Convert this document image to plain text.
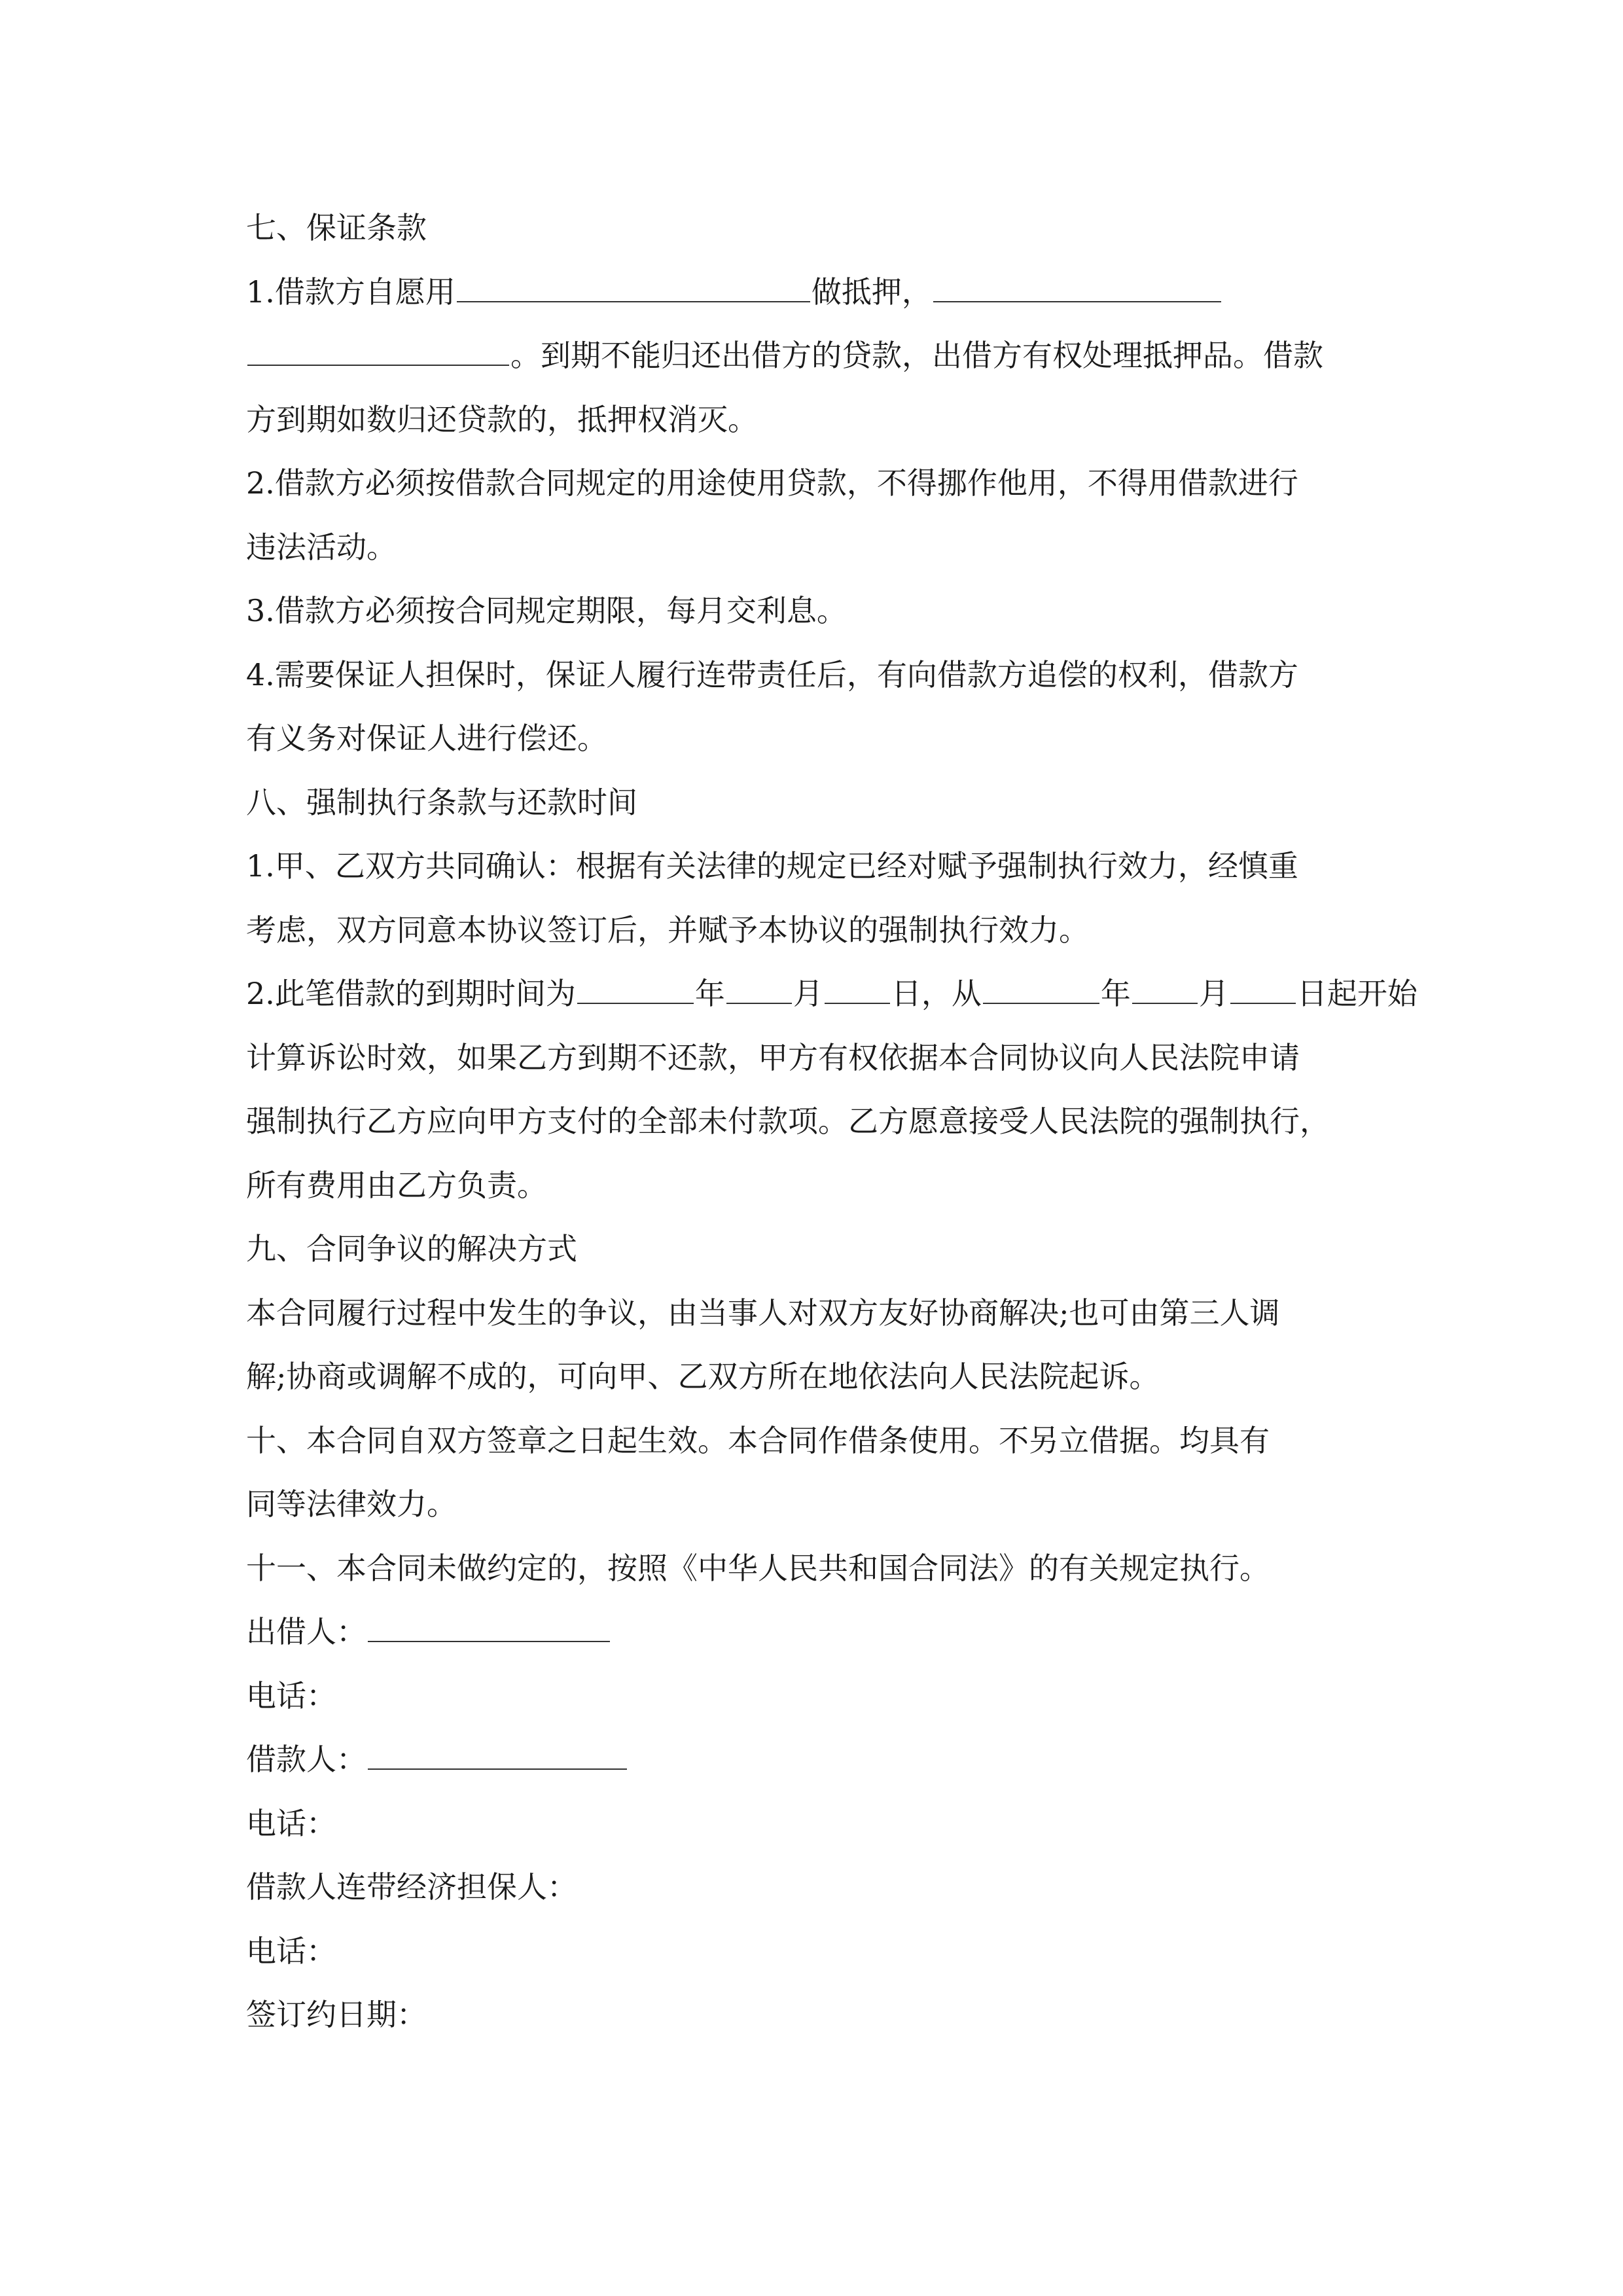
七、保证条款
1.借款方自愿用	做抵押，
。到期不能归还出借方的贷款，出借方有权处理抵押品。借款
方到期如数归还贷款的，抵押权消灭。
2.借款方必须按借款合同规定的用途使用贷款，不得挪作他用，不得用借款进行
违法活动。
3.借款方必须按合同规定期限，每月交利息。
4.需要保证人担保时，保证人履行连带责任后，有向借款方追偿的权利，借款方
有义务对保证人进行偿还。
八、强制执行条款与还款时间
1.甲、乙双方共同确认：根据有关法律的规定已经对赋予强制执行效力，经慎重
考虑，双方同意本协议签订后，并赋予本协议的强制执行效力。
2.此笔借款的到期时间为	年 月 日，从	年 月 日起开始
计算诉讼时效，如果乙方到期不还款，甲方有权依据本合同协议向人民法院申请
强制执行乙方应向甲方支付的全部未付款项。乙方愿意接受人民法院的强制执行，
所有费用由乙方负责。
九、合同争议的解决方式
本合同履行过程中发生的争议，由当事人对双方友好协商解决;也可由第三人调
解;协商或调解不成的，可向甲、乙双方所在地依法向人民法院起诉。
十、本合同自双方签章之日起生效。本合同作借条使用。不另立借据。均具有
同等法律效力。
十一、本合同未做约定的，按照《中华人民共和国合同法》的有关规定执行。
出借人：
电话：
借款人：
电话：
借款人连带经济担保人：
电话：
签订约日期：
